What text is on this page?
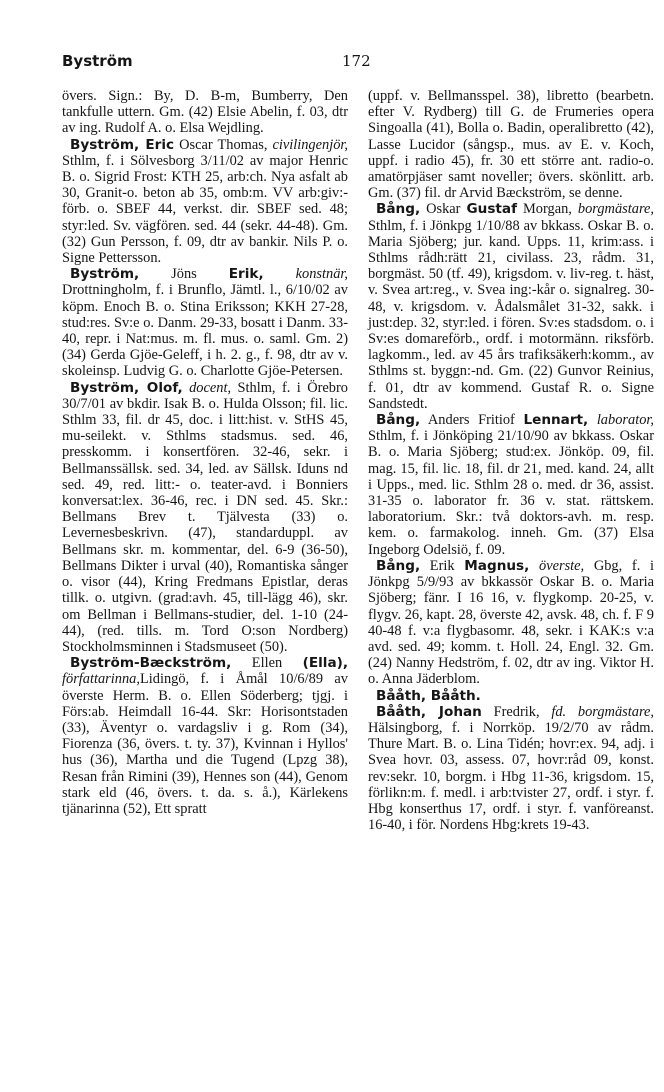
Byström	172

övers. Sign.: By, D. B-m, Bumberry, Den tankfulle uttern. Gm. (42) Elsie Abelin, f. 03, dtr av ing. Rudolf A. o. Elsa Wejdling.

Byström, Eric Oscar Thomas, civilingenjör, Sthlm, f. i Sölvesborg 3/11/02 av major Henric B. o. Sigrid Frost: KTH 25, arb:ch. Nya asfalt ab 30, Granit-o. beton ab 35, omb:m. VV arb:giv:-förb. o. SBEF 44, verkst. dir. SBEF sed. 48; styr:led. Sv. vägfören. sed. 44 (sekr. 44-48). Gm. (32) Gun Persson, f. 09, dtr av bankir. Nils P. o. Signe Pettersson.

Byström, Jöns Erik, konstnär, Drottningholm, f. i Brunflo, Jämtl. l., 6/10/02 av köpm. Enoch B. o. Stina Eriksson; KKH 27-28, stud:res. Sv:e o. Danm. 29-33, bosatt i Danm. 33-40, repr. i Nat:mus. m. fl. mus. o. saml. Gm. 2) (34) Gerda Gjöe-Geleff, i h. 2. g., f. 98, dtr av v. skoleinsp. Ludvig G. o. Charlotte Gjöe-Petersen.

Byström, Olof, docent, Sthlm, f. i Örebro 30/7/01 av bkdir. Isak B. o. Hulda Olsson; fil. lic. Sthlm 33, fil. dr 45, doc. i litt:hist. v. StHS 45, mu-seilekt. v. Sthlms stadsmus. sed. 46, presskomm. i konsertfören. 32-46, sekr. i Bellmanssällsk. sed. 34, led. av Sällsk. Iduns nd sed. 49, red. litt:- o. teater-avd. i Bonniers konversat:lex. 36-46, rec. i DN sed. 45. Skr.: Bellmans Brev t. Tjälvesta (33) o. Levernesbeskrivn. (47), standarduppl. av Bellmans skr. m. kommentar, del. 6-9 (36-50), Bellmans Dikter i urval (40), Romantiska sånger o. visor (44), Kring Fredmans Epistlar, deras tillk. o. utgivn. (grad:avh. 45, till-lägg 46), skr. om Bellman i Bellmans-studier, del. 1-10 (24-44), (red. tills. m. Tord O:son Nordberg) Stockholmsminnen i Stadsmuseet (50).

Byström-Bæckström, Ellen (Ella), författarinna,Lidingö, f. i Åmål 10/6/89 av överste Herm. B. o. Ellen Söderberg; tjgj. i Förs:ab. Heimdall 16-44. Skr: Horisontstaden (33), Äventyr o. vardagsliv i g. Rom (34), Fiorenza (36, övers. t. ty. 37), Kvinnan i Hyllos' hus (36), Martha und die Tugend (Lpzg 38), Resan från Rimini (39), Hennes son (44), Genom stark eld (46, övers. t. da. s. å.), Kärlekens tjänarinna (52), Ett spratt

(uppf. v. Bellmansspel. 38), libretto (bearbetn. efter V. Rydberg) till G. de Frumeries opera Singoalla (41), Bolla o. Badin, operalibretto (42), Lasse Lucidor (sångsp., mus. av E. v. Koch, uppf. i radio 45), fr. 30 ett större ant. radio-o. amatörpjäser samt noveller; övers. skönlitt. arb. Gm. (37) fil. dr Arvid Bæckström, se denne.

Bång, Oskar Gustaf Morgan, borgmästare, Sthlm, f. i Jönkpg 1/10/88 av bkkass. Oskar B. o. Maria Sjöberg; jur. kand. Upps. 11, krim:ass. i Sthlms rådh:rätt 21, civilass. 23, rådm. 31, borgmäst. 50 (tf. 49), krigsdom. v. liv-reg. t. häst, v. Svea art:reg., v. Svea ing:-kår o. signalreg. 30-48, v. krigsdom. v. Ådalsmålet 31-32, sakk. i just:dep. 32, styr:led. i fören. Sv:es stadsdom. o. i Sv:es domareförb., ordf. i motormänn. riksförb. lagkomm., led. av 45 års trafiksäkerh:komm., av Sthlms st. byggn:-nd. Gm. (22) Gunvor Reinius, f. 01, dtr av kommend. Gustaf R. o. Signe Sandstedt.

Bång, Anders Fritiof Lennart, laborator, Sthlm, f. i Jönköping 21/10/90 av bkkass. Oskar B. o. Maria Sjöberg; stud:ex. Jönköp. 09, fil. mag. 15, fil. lic. 18, fil. dr 21, med. kand. 24, allt i Upps., med. lic. Sthlm 28 o. med. dr 36, assist. 31-35 o. laborator fr. 36 v. stat. rättskem. laboratorium. Skr.: två doktors-avh. m. resp. kem. o. farmakolog. inneh. Gm. (37) Elsa Ingeborg Odelsiö, f. 09.

Bång, Erik Magnus, överste, Gbg, f. i Jönkpg 5/9/93 av bkkassör Oskar B. o. Maria Sjöberg; fänr. I 16 16, v. flygkomp. 20-25, v. flygv. 26, kapt. 28, överste 42, avsk. 48, ch. f. F 9 40-48 f. v:a flygbasomr. 48, sekr. i KAK:s v:a avd. sed. 49; komm. t. Holl. 24, Engl. 32. Gm. (24) Nanny Hedström, f. 02, dtr av ing. Viktor H. o. Anna Jäderblom.

Bååth, Bååth.

Bååth, Johan Fredrik, fd. borgmästare, Hälsingborg, f. i Norrköp. 19/2/70 av rådm. Thure Mart. B. o. Lina Tidén; hovr:ex. 94, adj. i Svea hovr. 03, assess. 07, hovr:råd 09, konst. rev:sekr. 10, borgm. i Hbg 11-36, krigsdom. 15, förlikn:m. f. medl. i arb:tvister 27, ordf. i styr. f. Hbg konserthus 17, ordf. i styr. f. vanföreanst. 16-40, i för. Nordens Hbg:krets 19-43.
